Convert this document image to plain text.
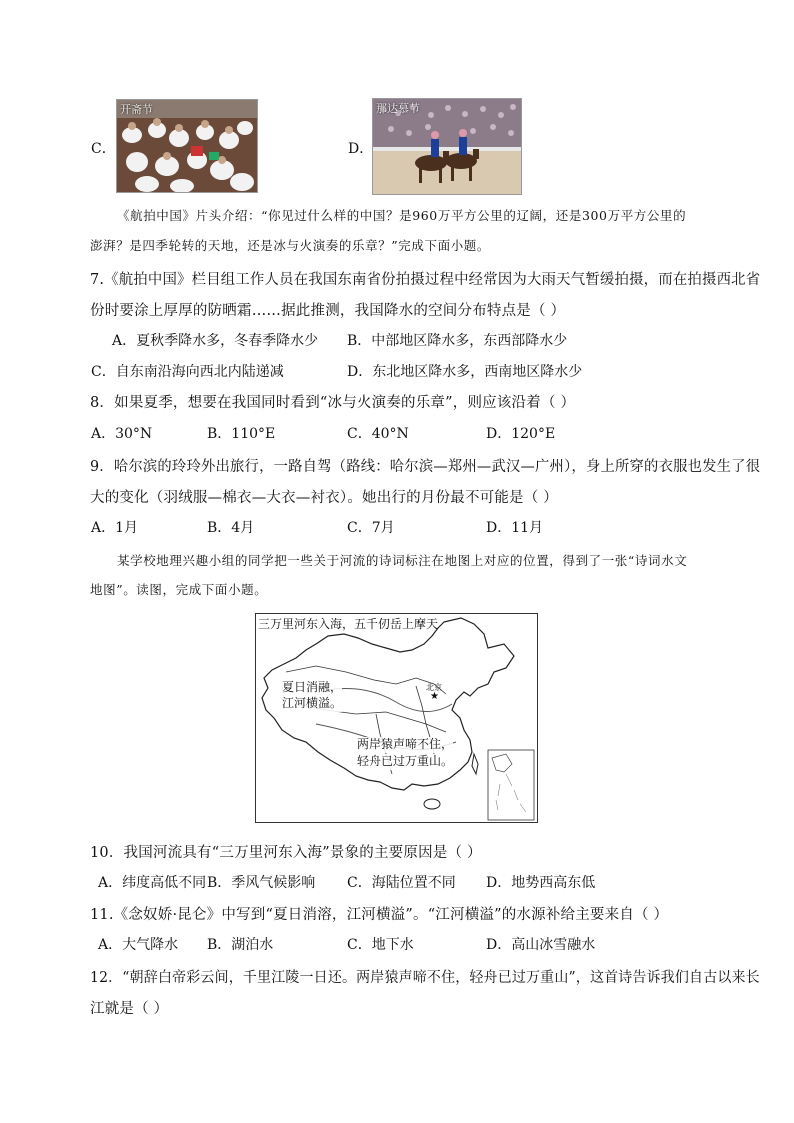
C．
开斋节
D．
那达慕节
《航拍中国》片头介绍：“你见过什么样的中国？是960万平方公里的辽阔，还是300万平方公里的
澎湃？是四季轮转的天地，还是冰与火演奏的乐章？”完成下面小题。
7.《航拍中国》栏目组工作人员在我国东南省份拍摄过程中经常因为大雨天气暂缓拍摄，而在拍摄西北省
份时要涂上厚厚的防晒霜……据此推测，我国降水的空间分布特点是（ ）
A．夏秋季降水多，冬春季降水少 B．中部地区降水多，东西部降水少
C．自东南沿海向西北内陆递减	D．东北地区降水多，西南地区降水少
8．如果夏季，想要在我国同时看到“冰与火演奏的乐章”，则应该沿着（ ）
A．30°N	B．110°E	C．40°N	D．120°E
9．哈尔滨的玲玲外出旅行，一路自驾（路线：哈尔滨—郑州—武汉—广州），身上所穿的衣服也发生了很
大的变化（羽绒服—棉衣—大衣—衬衣）。她出行的月份最不可能是（ ）
A．1月	B．4月	C．7月	D．11月
某学校地理兴趣小组的同学把一些关于河流的诗词标注在地图上对应的位置，得到了一张“诗词水文
地图”。读图，完成下面小题。
三万里河东入海，五千仞岳上摩天
夏日消融，
江河横溢。
两岸猿声啼不住，
轻舟已过万重山。
北京
★
10．我国河流具有“三万里河东入海”景象的主要原因是（ ）
A．纬度高低不同 B．季风气候影响 C．海陆位置不同 D．地势西高东低
11.《念奴娇·昆仑》中写到“夏日消溶，江河横溢”。“江河横溢”的水源补给主要来自（ ）
A．大气降水 B．湖泊水	C．地下水	D．高山冰雪融水
12．“朝辞白帝彩云间，千里江陵一日还。两岸猿声啼不住，轻舟已过万重山”，这首诗告诉我们自古以来长
江就是（ ）
